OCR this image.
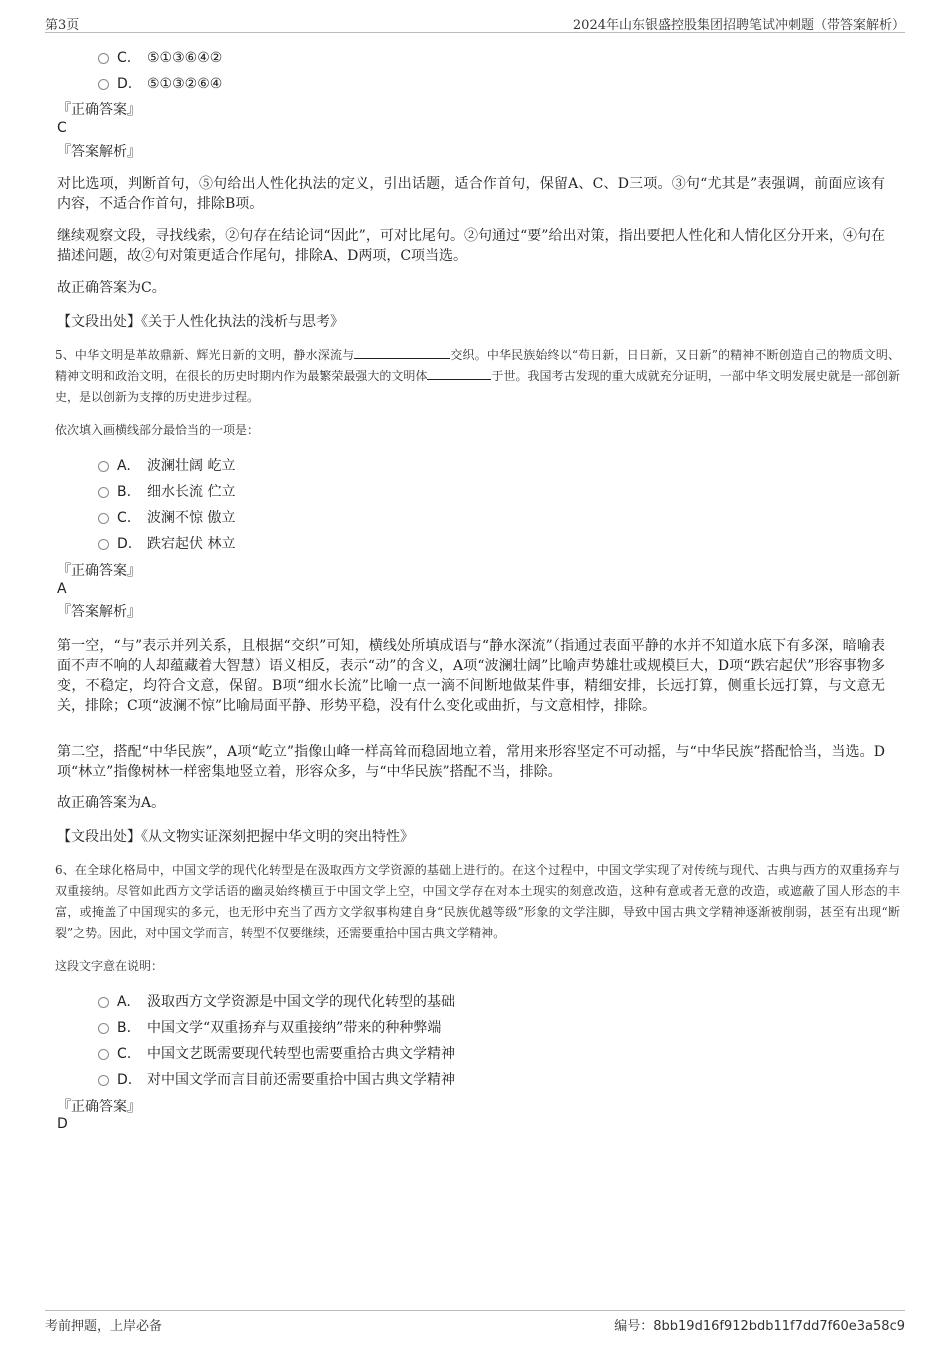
第3页	2024年山东银盛控股集团招聘笔试冲刺题（带答案解析）
C. ⑤①③⑥④②
D. ⑤①③②⑥④
『正确答案』
C
『答案解析』
对比选项，判断首句，⑤句给出人性化执法的定义，引出话题，适合作首句，保留A、C、D三项。③句“尤其是”表强调，前面应该有内容，不适合作首句，排除B项。
继续观察文段，寻找线索，②句存在结论词“因此”，可对比尾句。②句通过“要”给出对策，指出要把人性化和人情化区分开来，④句在描述问题，故②句对策更适合作尾句，排除A、D两项，C项当选。
故正确答案为C。
【文段出处】《关于人性化执法的浅析与思考》
5、中华文明是革故鼎新、辉光日新的文明，静水深流与	交织。中华民族始终以“苟日新，日日新，又日新”的精神不断创造自己的物质文明、精神文明和政治文明，在很长的历史时期内作为最繁荣最强大的文明体	于世。我国考古发现的重大成就充分证明，一部中华文明发展史就是一部创新史，是以创新为支撑的历史进步过程。
依次填入画横线部分最恰当的一项是：
A. 波澜壮阔 屹立
B. 细水长流 伫立
C. 波澜不惊 傲立
D. 跌宕起伏 林立
『正确答案』
A
『答案解析』
第一空，“与”表示并列关系，且根据“交织”可知，横线处所填成语与“静水深流”（指通过表面平静的水并不知道水底下有多深，暗喻表面不声不响的人却蕴藏着大智慧）语义相反，表示“动”的含义，A项“波澜壮阔”比喻声势雄壮或规模巨大，D项“跌宕起伏”形容事物多变，不稳定，均符合文意，保留。B项“细水长流”比喻一点一滴不间断地做某件事，精细安排，长远打算，侧重长远打算，与文意无关，排除；C项“波澜不惊”比喻局面平静、形势平稳，没有什么变化或曲折，与文意相悖，排除。
第二空，搭配“中华民族”，A项“屹立”指像山峰一样高耸而稳固地立着，常用来形容坚定不可动摇，与“中华民族”搭配恰当，当选。D项“林立”指像树林一样密集地竖立着，形容众多，与“中华民族”搭配不当，排除。
故正确答案为A。
【文段出处】《从文物实证深刻把握中华文明的突出特性》
6、在全球化格局中，中国文学的现代化转型是在汲取西方文学资源的基础上进行的。在这个过程中，中国文学实现了对传统与现代、古典与西方的双重扬弃与双重接纳。尽管如此西方文学话语的幽灵始终横亘于中国文学上空，中国文学存在对本土现实的刻意改造，这种有意或者无意的改造，或遮蔽了国人形态的丰富，或掩盖了中国现实的多元，也无形中充当了西方文学叙事构建自身“民族优越等级”形象的文学注脚，导致中国古典文学精神逐渐被削弱，甚至有出现“断裂”之势。因此，对中国文学而言，转型不仅要继续，还需要重拾中国古典文学精神。
这段文字意在说明：
A. 汲取西方文学资源是中国文学的现代化转型的基础
B. 中国文学“双重扬弃与双重接纳”带来的种种弊端
C. 中国文艺既需要现代转型也需要重拾古典文学精神
D. 对中国文学而言目前还需要重拾中国古典文学精神
『正确答案』
D
考前押题，上岸必备	编号：8bb19d16f912bdb11f7dd7f60e3a58c9
